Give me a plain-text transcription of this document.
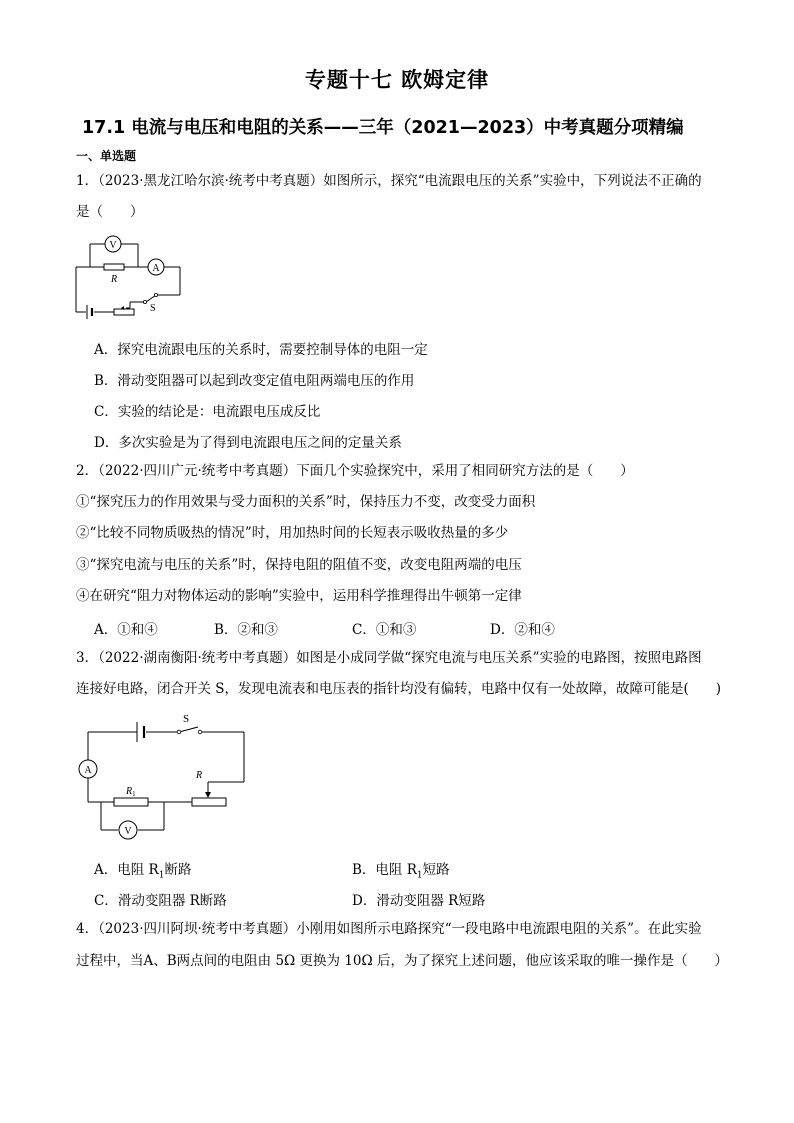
专题十七 欧姆定律
17.1 电流与电压和电阻的关系——三年（2021—2023）中考真题分项精编
一、单选题
1．（2023·黑龙江哈尔滨·统考中考真题）如图所示，探究“电流跟电压的关系”实验中，下列说法不正确的
是（　　）
V
A
R
S
A．探究电流跟电压的关系时，需要控制导体的电阻一定
B．滑动变阻器可以起到改变定值电阻两端电压的作用
C．实验的结论是：电流跟电压成反比
D．多次实验是为了得到电流跟电压之间的定量关系
2．（2022·四川广元·统考中考真题）下面几个实验探究中，采用了相同研究方法的是（　　）
①“探究压力的作用效果与受力面积的关系”时，保持压力不变，改变受力面积
②“比较不同物质吸热的情况”时，用加热时间的长短表示吸收热量的多少
③“探究电流与电压的关系”时，保持电阻的阻值不变，改变电阻两端的电压
④在研究“阻力对物体运动的影响”实验中，运用科学推理得出牛顿第一定律
A．①和④	B．②和③	C．①和③	D．②和④
3．（2022·湖南衡阳·统考中考真题）如图是小成同学做“探究电流与电压关系”实验的电路图，按照电路图
连接好电路，闭合开关 S，发现电流表和电压表的指针均没有偏转，电路中仅有一处故障，故障可能是(　　)
S
A
$R_1$
R
V
A．电阻 $R_1$断路	B．电阻 $R_1$短路
C．滑动变阻器 R断路	D．滑动变阻器 R短路
4．（2023·四川阿坝·统考中考真题）小刚用如图所示电路探究“一段电路中电流跟电阻的关系”。在此实验
过程中，当A、B两点间的电阻由 5Ω 更换为 10Ω 后，为了探究上述问题，他应该采取的唯一操作是（　　）
